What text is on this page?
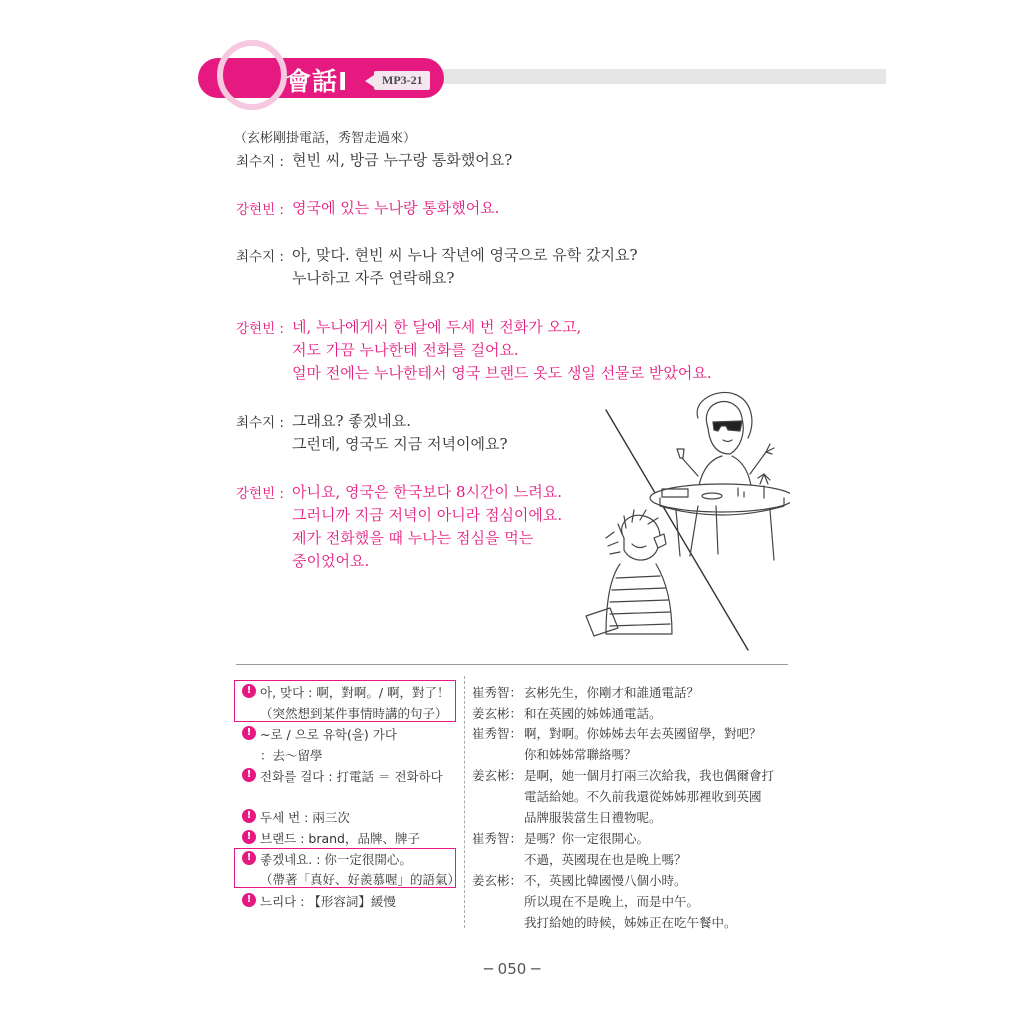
會話Ⅰ	MP3-21
（玄彬剛掛電話，秀智走過來）
최수지 : 현빈 씨, 방금 누구랑 통화했어요?
강현빈 : 영국에 있는 누나랑 통화했어요.
최수지 : 아, 맞다. 현빈 씨 누나 작년에 영국으로 유학 갔지요?
누나하고 자주 연락해요?
강현빈 : 네, 누나에게서 한 달에 두세 번 전화가 오고,
저도 가끔 누나한테 전화를 걸어요.
얼마 전에는 누나한테서 영국 브랜드 옷도 생일 선물로 받았어요.
최수지 : 그래요? 좋겠네요.
그런데, 영국도 지금 저녁이에요?
강현빈 : 아니요, 영국은 한국보다 8시간이 느려요.
그러니까 지금 저녁이 아니라 점심이에요.
제가 전화했을 때 누나는 점심을 먹는
중이었어요.
! 아, 맞다 : 啊，對啊。/ 啊，對了！
（突然想到某件事情時講的句子）
! ~로 / 으로 유학(을) 가다
：去～留學
! 전화를 걸다 : 打電話 ＝ 전화하다
! 두세 번 : 兩三次
! 브랜드 : brand，品牌、牌子
! 좋겠네요. : 你一定很開心。
（帶著「真好、好羨慕喔」的語氣）
! 느리다 : 【形容詞】緩慢
崔秀智： 玄彬先生，你剛才和誰通電話？
姜玄彬： 和在英國的姊姊通電話。
崔秀智： 啊，對啊。你姊姊去年去英國留學，對吧？
你和姊姊常聯絡嗎？
姜玄彬： 是啊，她一個月打兩三次給我，我也偶爾會打
電話給她。不久前我還從姊姊那裡收到英國
品牌服裝當生日禮物呢。
崔秀智： 是嗎？你一定很開心。
不過，英國現在也是晚上嗎？
姜玄彬： 不，英國比韓國慢八個小時。
所以現在不是晚上，而是中午。
我打給她的時候，姊姊正在吃午餐中。
─ 050 ─
